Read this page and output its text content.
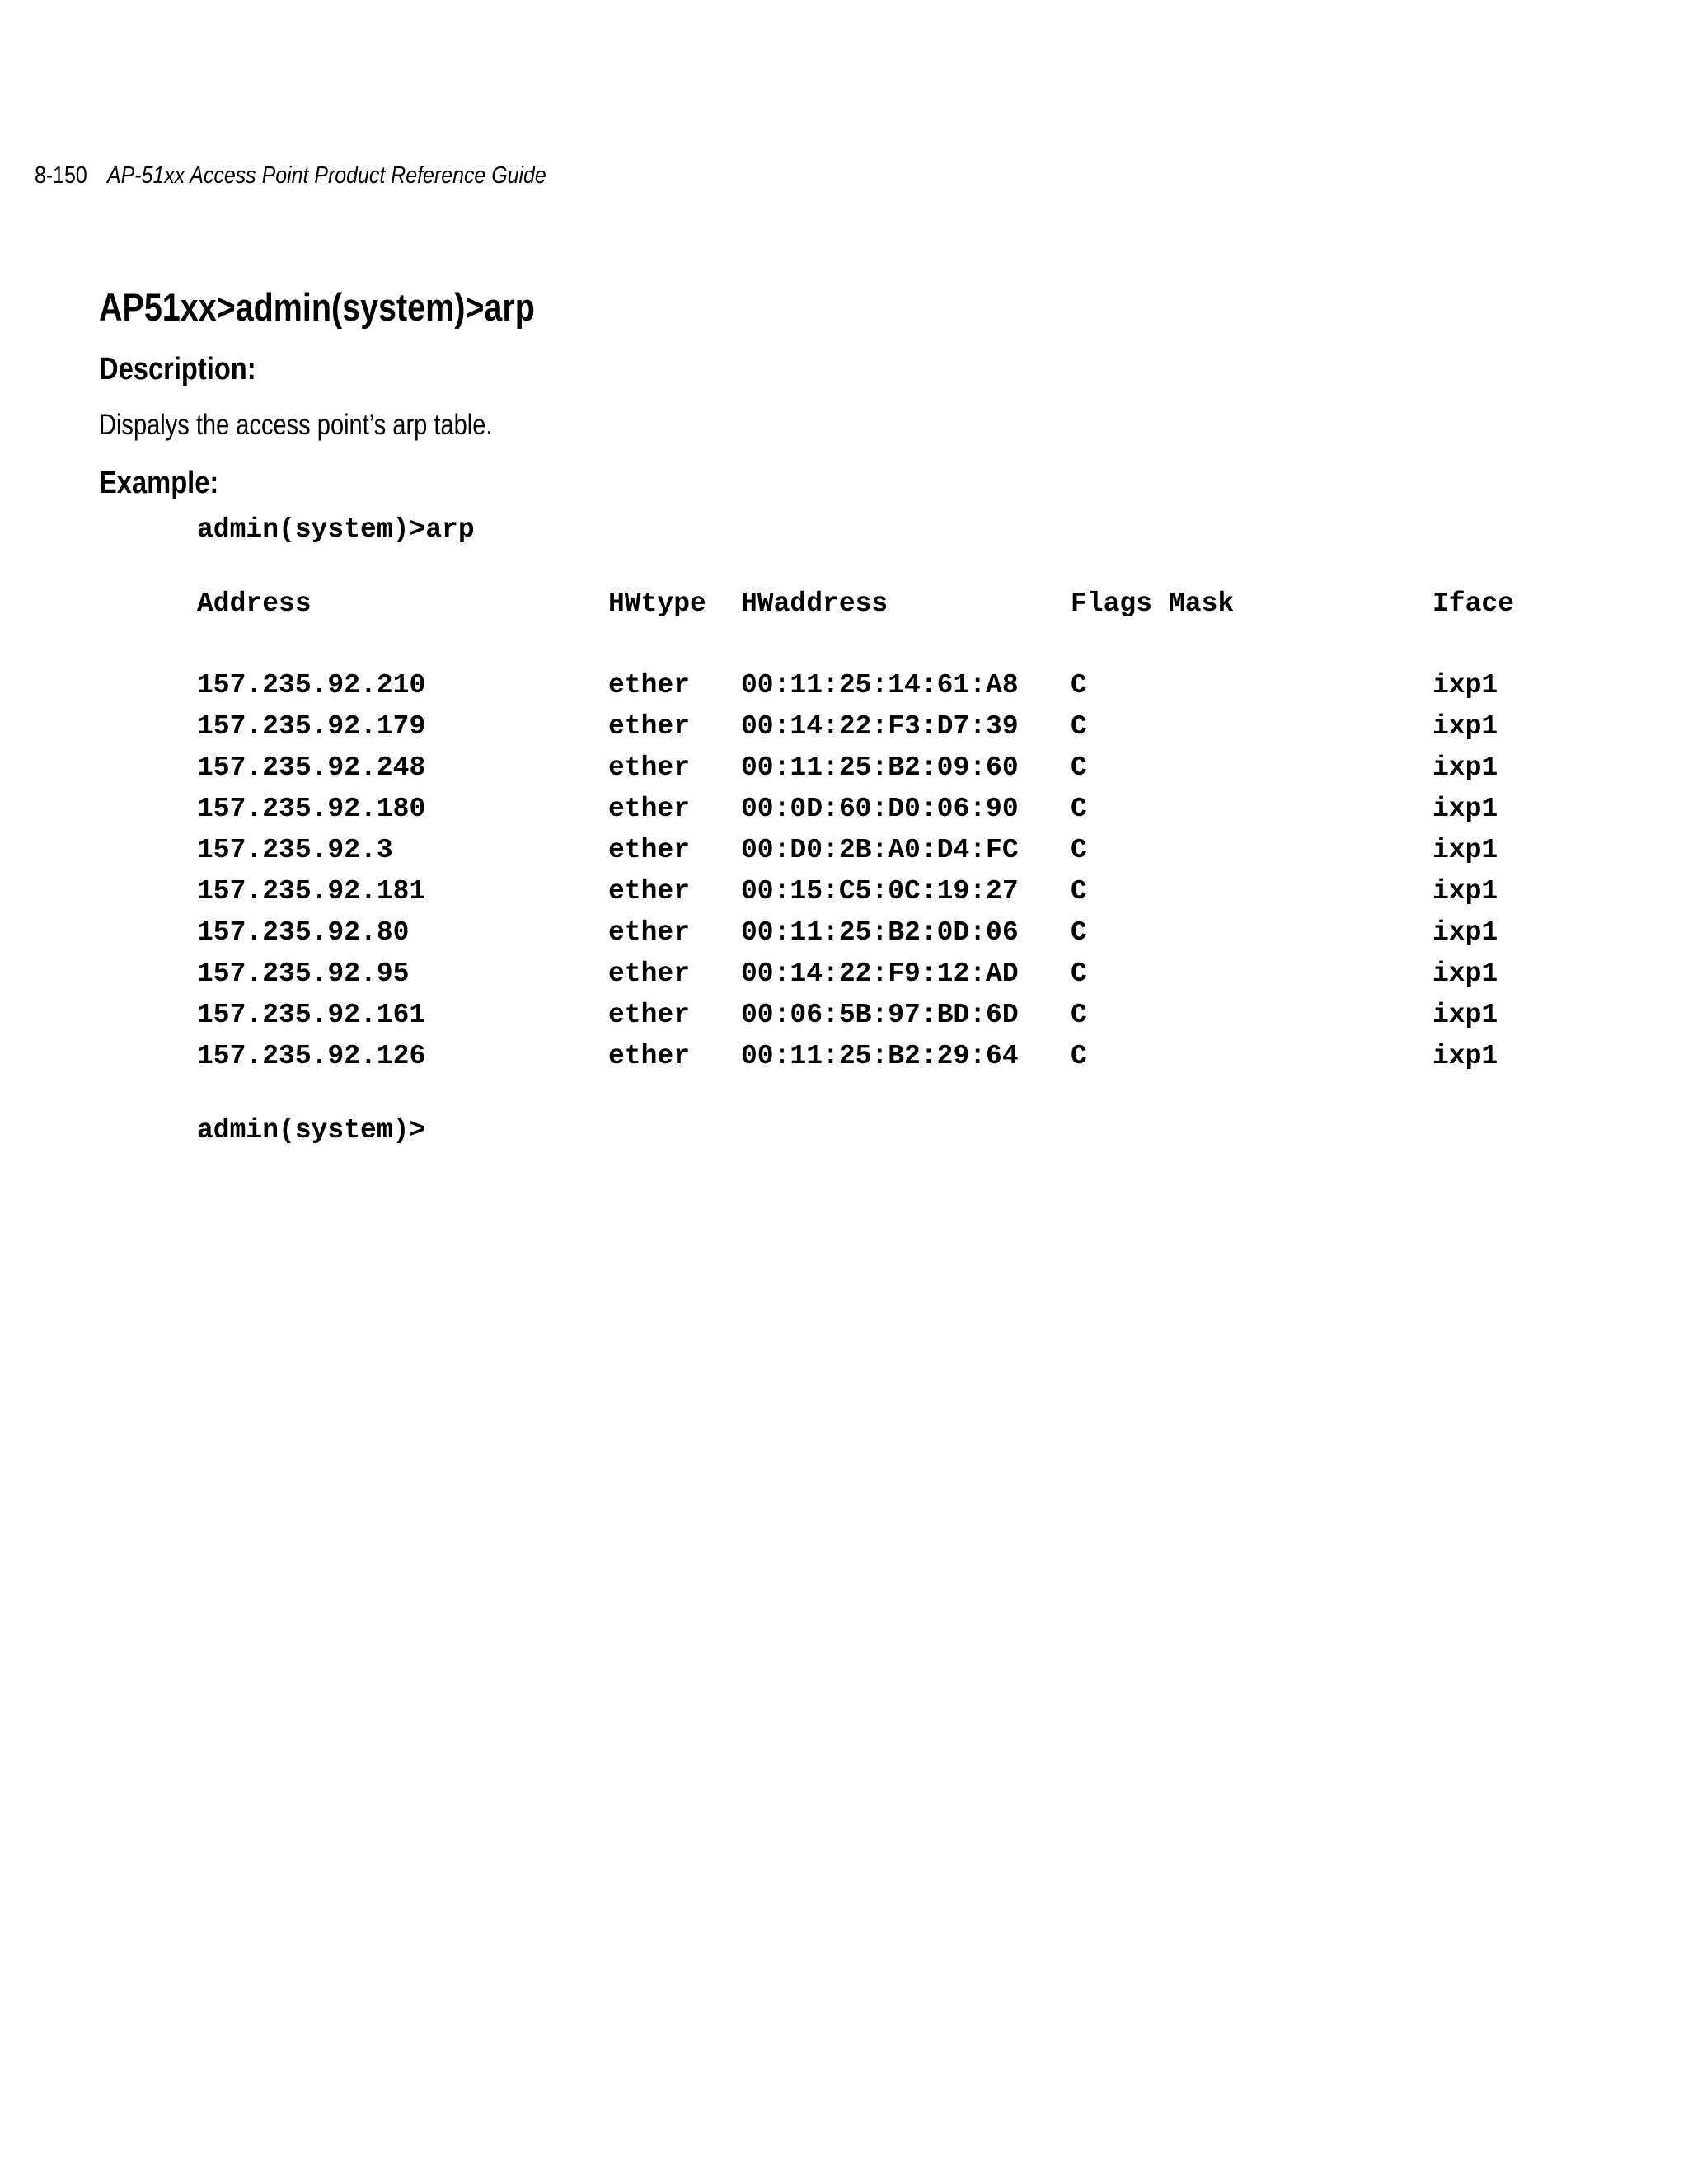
8-150 AP-51xx Access Point Product Reference Guide
AP51xx>admin(system)>arp
Description:

Dispalys the access point’s arp table.

Example:
admin(system)>arp
Address	HWtype HWaddress	Flags Mask	Iface
157.235.92.210	ether 00:11:25:14:61:A8 C	ixp1
157.235.92.179	ether 00:14:22:F3:D7:39 C	ixp1
157.235.92.248	ether 00:11:25:B2:09:60 C	ixp1
157.235.92.180	ether 00:0D:60:D0:06:90 C	ixp1
157.235.92.3	ether 00:D0:2B:A0:D4:FC C	ixp1
157.235.92.181	ether 00:15:C5:0C:19:27 C	ixp1
157.235.92.80	ether 00:11:25:B2:0D:06 C	ixp1
157.235.92.95	ether 00:14:22:F9:12:AD C	ixp1
157.235.92.161	ether 00:06:5B:97:BD:6D C	ixp1
157.235.92.126	ether 00:11:25:B2:29:64 C	ixp1
admin(system)>
